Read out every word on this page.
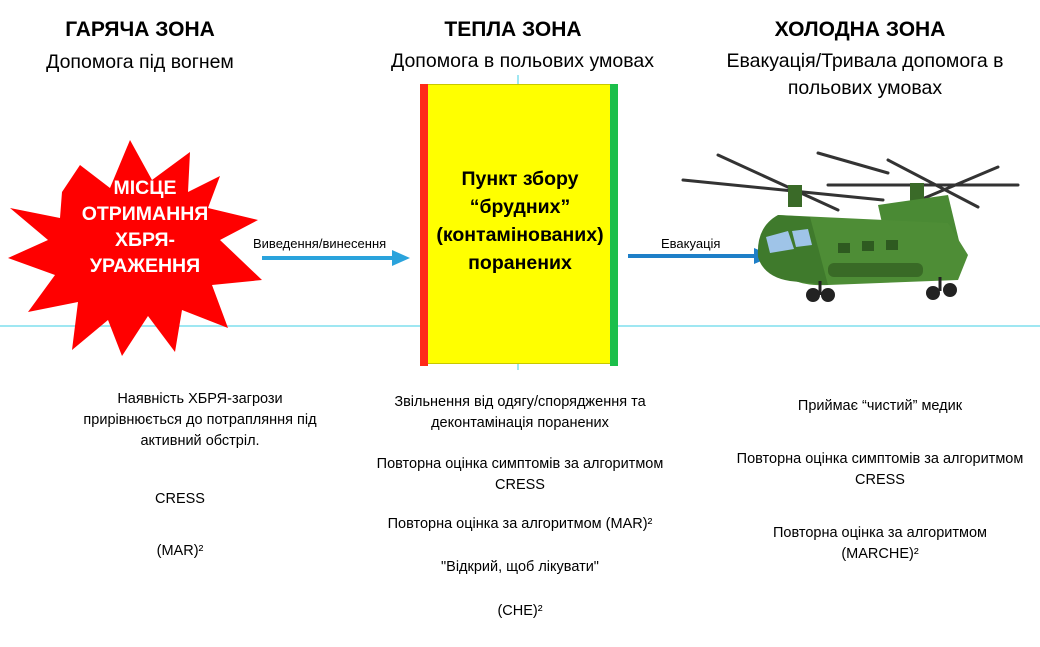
ГАРЯЧА ЗОНА
Допомога під вогнем
ТЕПЛА ЗОНА
Допомога в польових умовах
ХОЛОДНА ЗОНА
Евакуація/Тривала допомога в польових умовах
МІСЦЕ ОТРИМАННЯ ХБРЯ-УРАЖЕННЯ
Пункт збору “брудних” (контамінованих) поранених
Виведення/винесення	Евакуація
Наявність ХБРЯ-загрози прирівнюється до потрапляння під активний обстріл.
CRESS
(MAR)²
Звільнення від одягу/спорядження та деконтамінація поранених
Повторна оцінка симптомів за алгоритмом CRESS
Повторна оцінка за алгоритмом (MAR)²
"Відкрий, щоб лікувати"
(CHE)²
Приймає “чистий” медик
Повторна оцінка симптомів за алгоритмом CRESS
Повторна оцінка за алгоритмом (MARCHE)²
